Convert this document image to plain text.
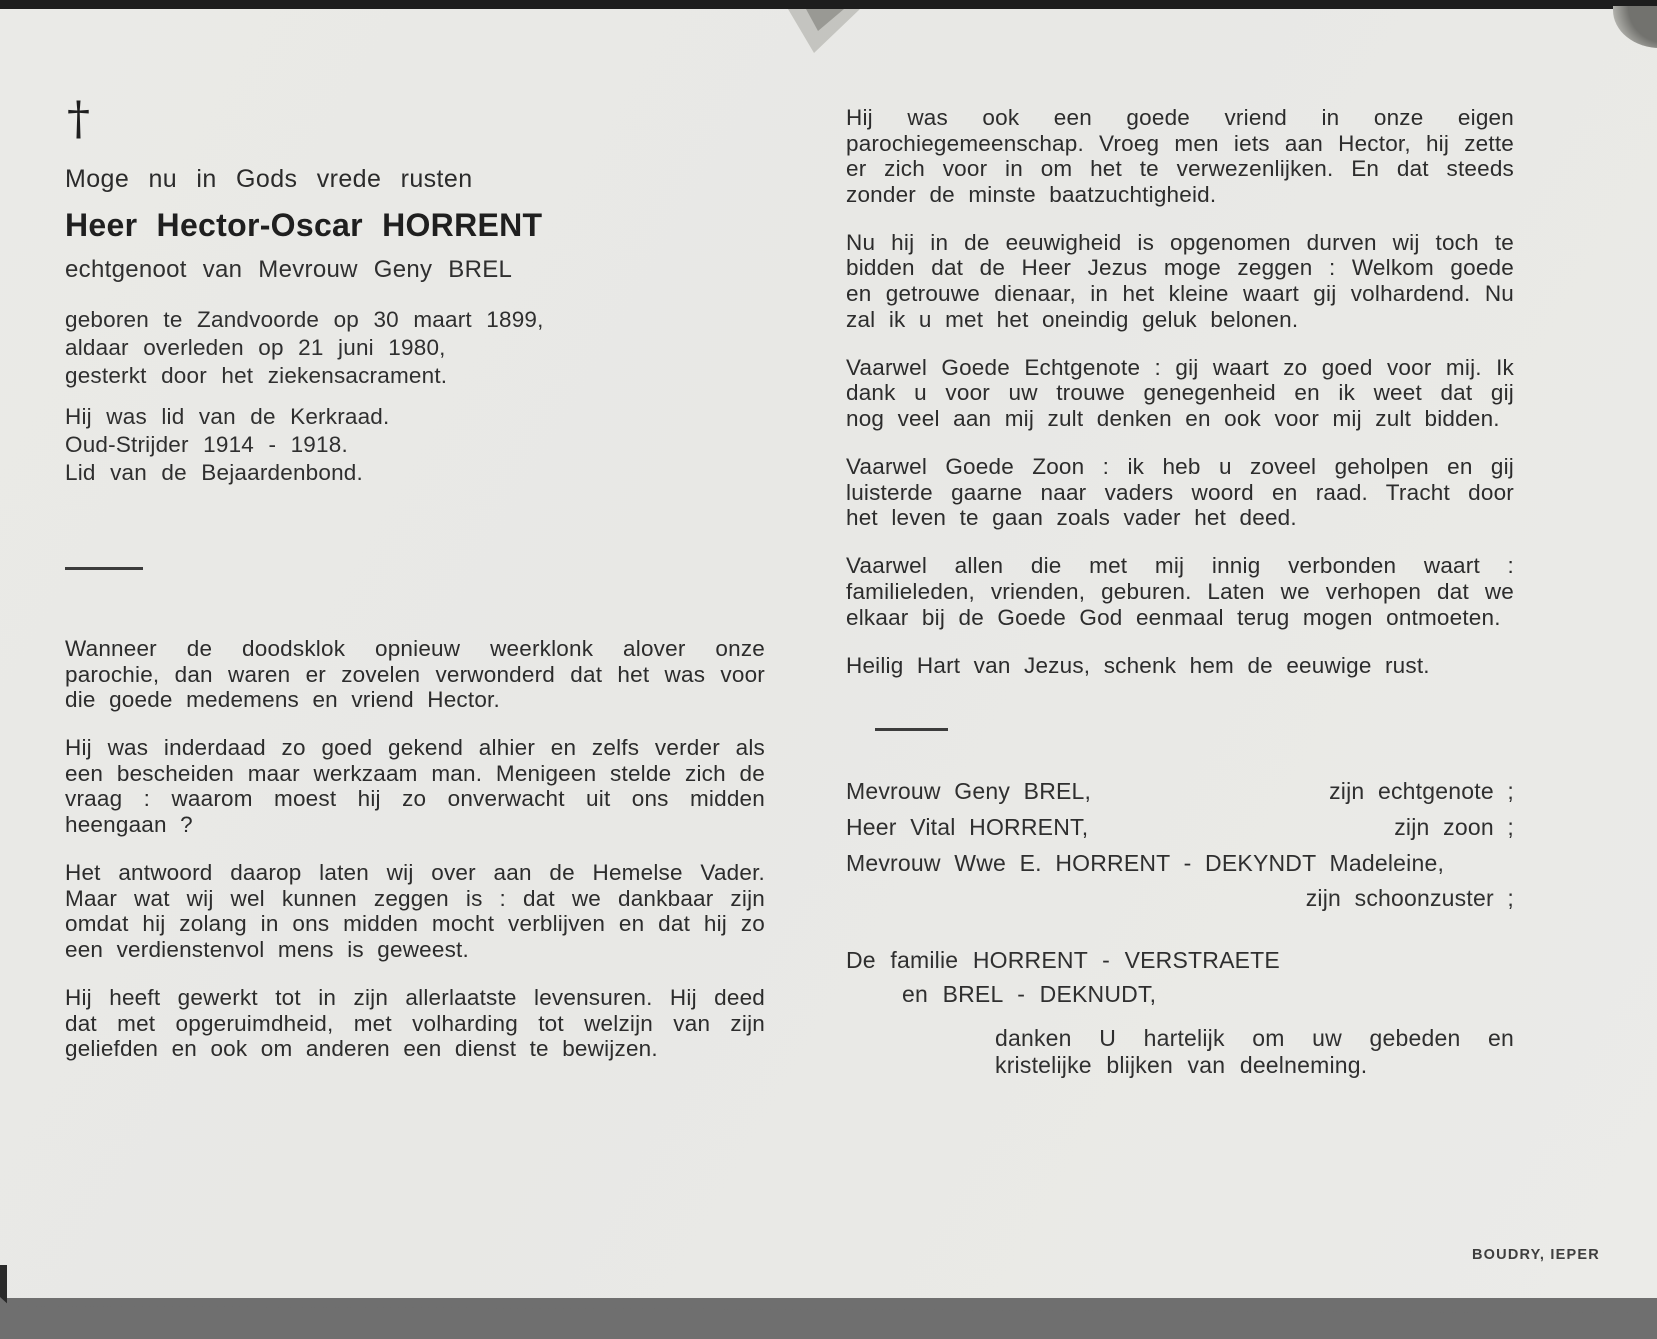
†
Moge nu in Gods vrede rusten
Heer Hector-Oscar HORRENT
echtgenoot van Mevrouw Geny BREL
geboren te Zandvoorde op 30 maart 1899,
aldaar overleden op 21 juni 1980,
gesterkt door het ziekensacrament.
Hij was lid van de Kerkraad.
Oud-Strijder 1914 - 1918.
Lid van de Bejaardenbond.

Wanneer de doodsklok opnieuw weerklonk alover onze parochie, dan waren er zovelen verwonderd dat het was voor die goede medemens en vriend Hector.

Hij was inderdaad zo goed gekend alhier en zelfs verder als een bescheiden maar werkzaam man. Menigeen stelde zich de vraag : waarom moest hij zo onverwacht uit ons midden heengaan ?

Het antwoord daarop laten wij over aan de Hemelse Vader. Maar wat wij wel kunnen zeggen is : dat we dankbaar zijn omdat hij zolang in ons midden mocht verblijven en dat hij zo een verdienstenvol mens is geweest.

Hij heeft gewerkt tot in zijn allerlaatste levensuren. Hij deed dat met opgeruimdheid, met volharding tot welzijn van zijn geliefden en ook om anderen een dienst te bewijzen.

Hij was ook een goede vriend in onze eigen parochiegemeenschap. Vroeg men iets aan Hector, hij zette er zich voor in om het te verwezenlijken. En dat steeds zonder de minste baatzuchtigheid.

Nu hij in de eeuwigheid is opgenomen durven wij toch te bidden dat de Heer Jezus moge zeggen : Welkom goede en getrouwe dienaar, in het kleine waart gij volhardend. Nu zal ik u met het oneindig geluk belonen.

Vaarwel Goede Echtgenote : gij waart zo goed voor mij. Ik dank u voor uw trouwe genegenheid en ik weet dat gij nog veel aan mij zult denken en ook voor mij zult bidden.

Vaarwel Goede Zoon : ik heb u zoveel geholpen en gij luisterde gaarne naar vaders woord en raad. Tracht door het leven te gaan zoals vader het deed.

Vaarwel allen die met mij innig verbonden waart : familieleden, vrienden, geburen. Laten we verhopen dat we elkaar bij de Goede God eenmaal terug mogen ontmoeten.

Heilig Hart van Jezus, schenk hem de eeuwige rust.

Mevrouw Geny BREL,	zijn echtgenote ;
Heer Vital HORRENT,	zijn zoon ;
Mevrouw Wwe E. HORRENT - DEKYNDT Madeleine,
zijn schoonzuster ;
De familie HORRENT - VERSTRAETE
en BREL - DEKNUDT,
danken U hartelijk om uw gebeden en kristelijke blijken van deelneming.
BOUDRY, IEPER
